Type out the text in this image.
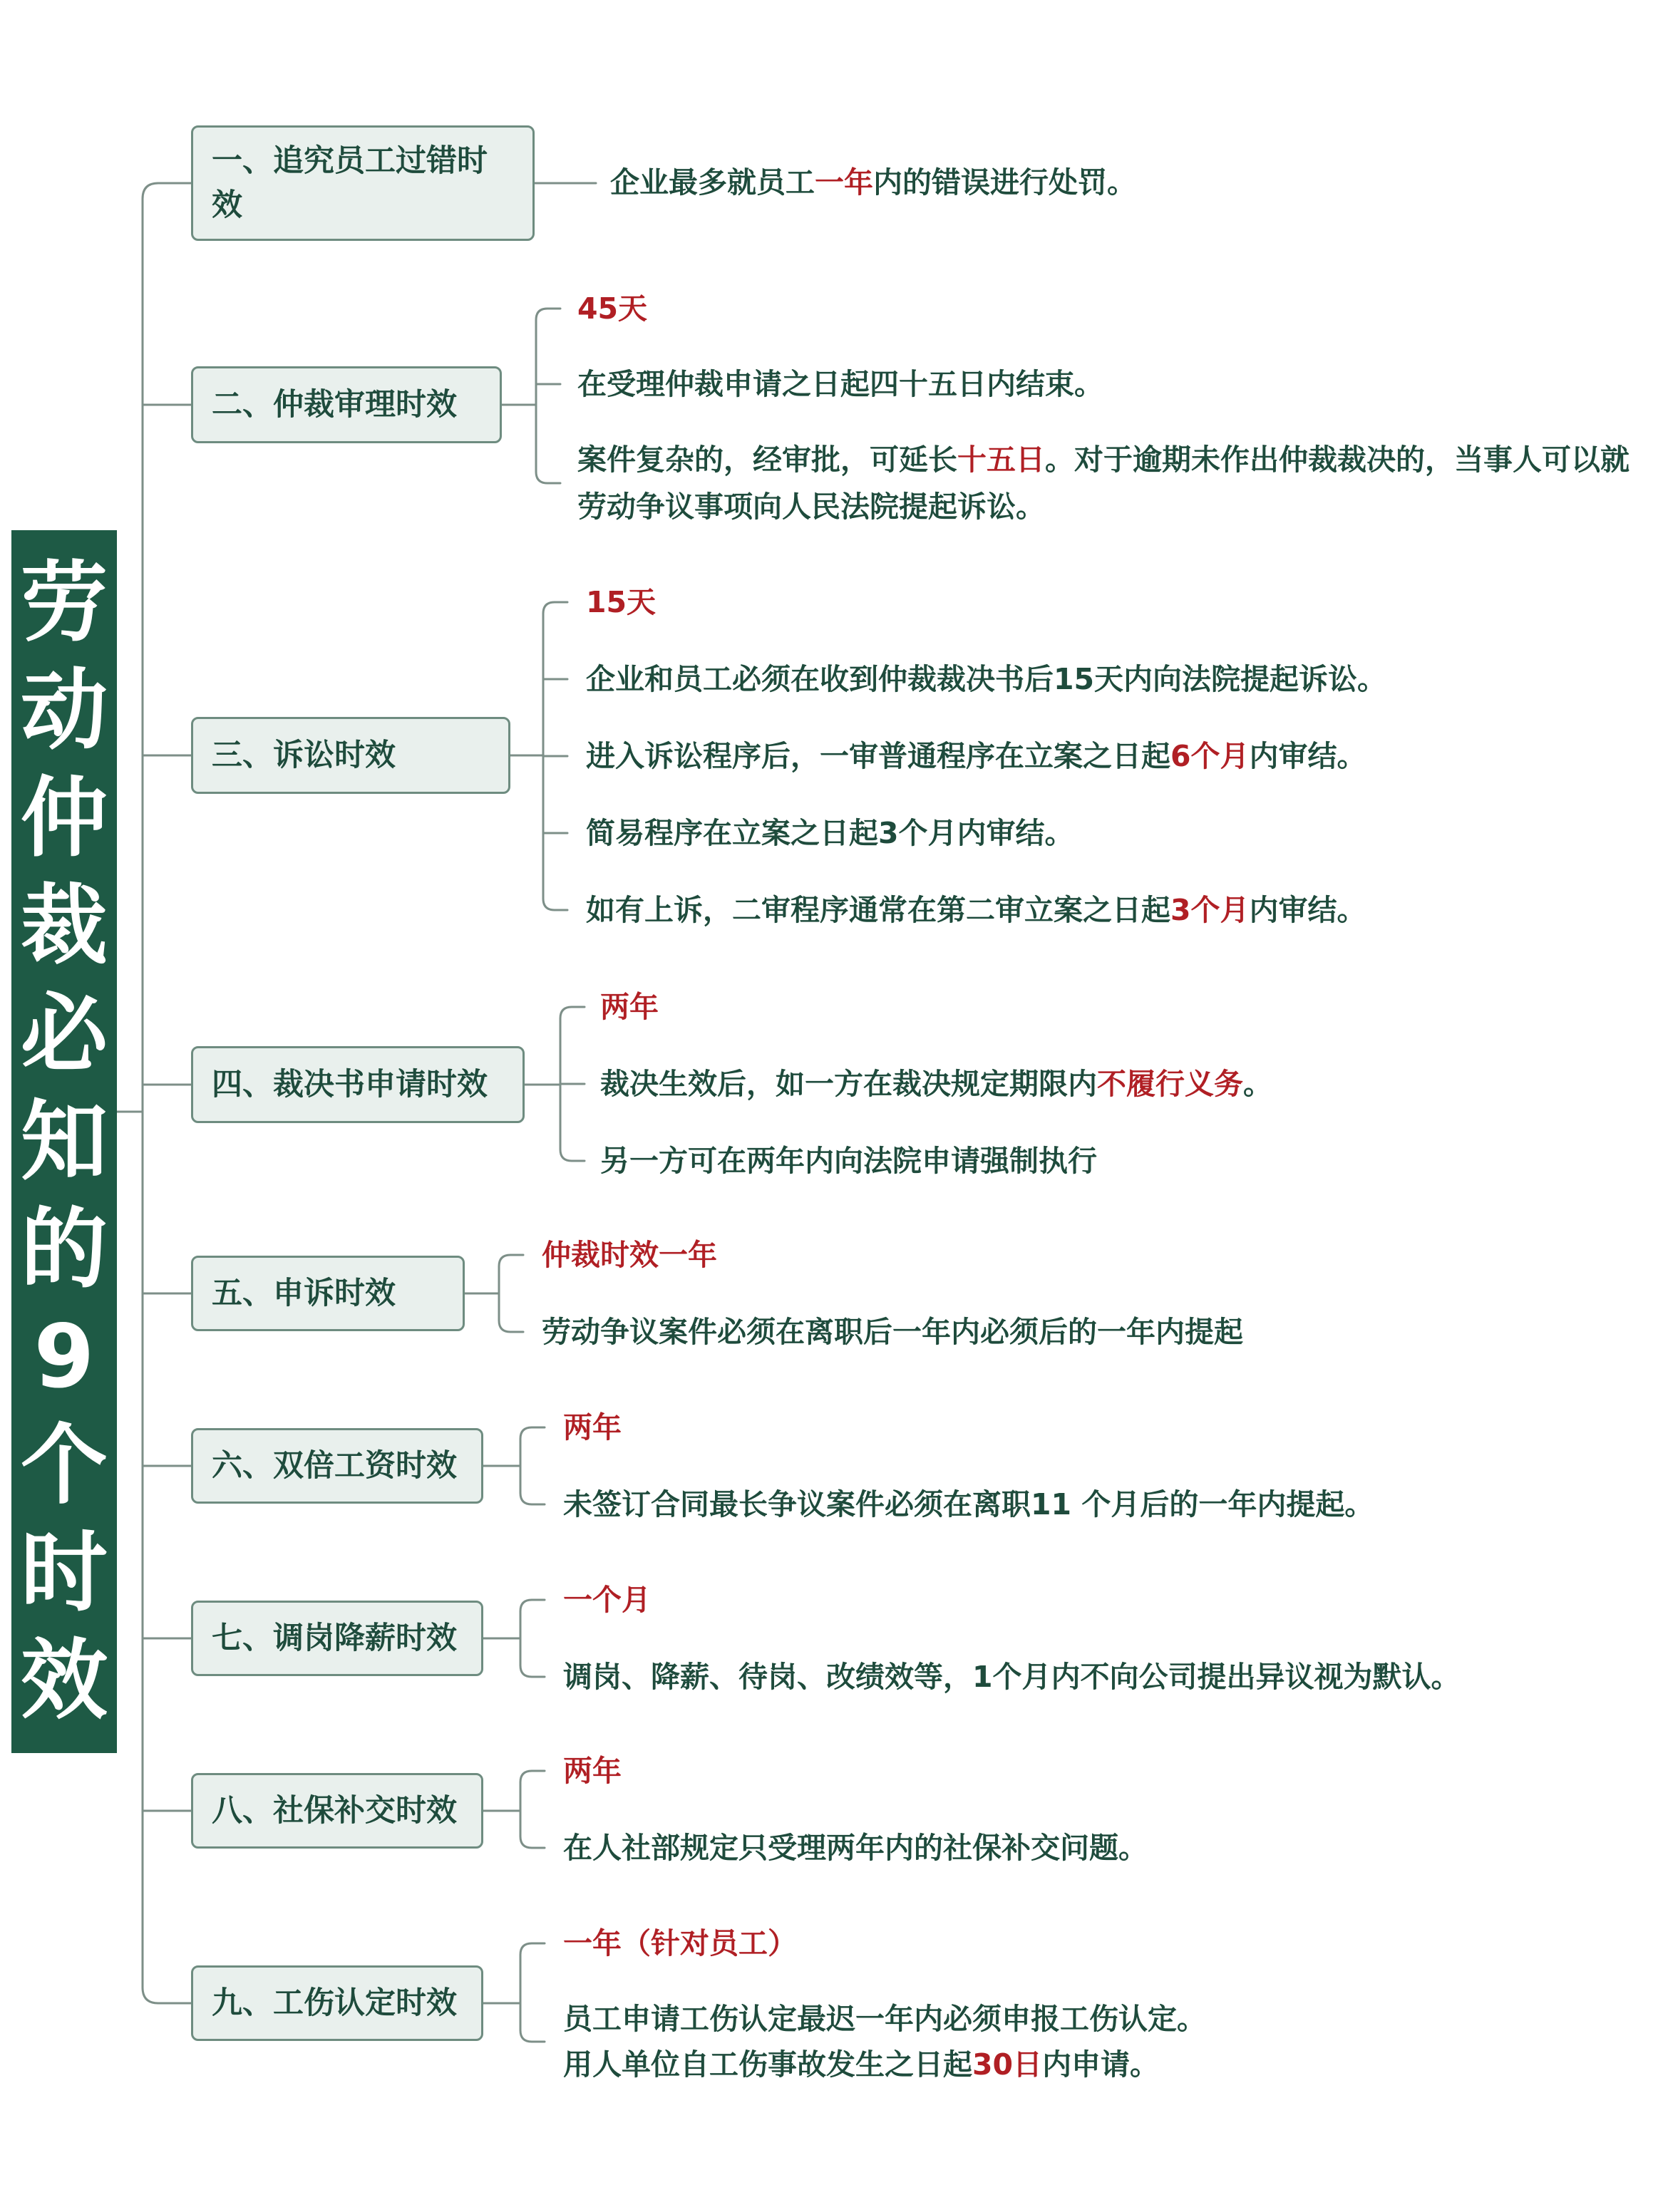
劳
动
仲
裁
必
知
的
9
个
时
效
一、追究员工过错时效
企业最多就员工一年内的错误进行处罚。
二、仲裁审理时效
45天
在受理仲裁申请之日起四十五日内结束。
案件复杂的，经审批，可延长十五日。对于逾期未作出仲裁裁决的，当事人可以就劳动争议事项向人民法院提起诉讼。
三、诉讼时效
15天
企业和员工必须在收到仲裁裁决书后15天内向法院提起诉讼。
进入诉讼程序后，一审普通程序在立案之日起6个月内审结。
简易程序在立案之日起3个月内审结。
如有上诉，二审程序通常在第二审立案之日起3个月内审结。
四、裁决书申请时效
两年
裁决生效后，如一方在裁决规定期限内不履行义务。
另一方可在两年内向法院申请强制执行
五、申诉时效
仲裁时效一年
劳动争议案件必须在离职后一年内必须后的一年内提起
六、双倍工资时效
两年
未签订合同最长争议案件必须在离职11 个月后的一年内提起。
七、调岗降薪时效
一个月
调岗、降薪、待岗、改绩效等，1个月内不向公司提出异议视为默认。
八、社保补交时效
两年
在人社部规定只受理两年内的社保补交问题。
九、工伤认定时效
一年（针对员工）
员工申请工伤认定最迟一年内必须申报工伤认定。
用人单位自工伤事故发生之日起30日内申请。
